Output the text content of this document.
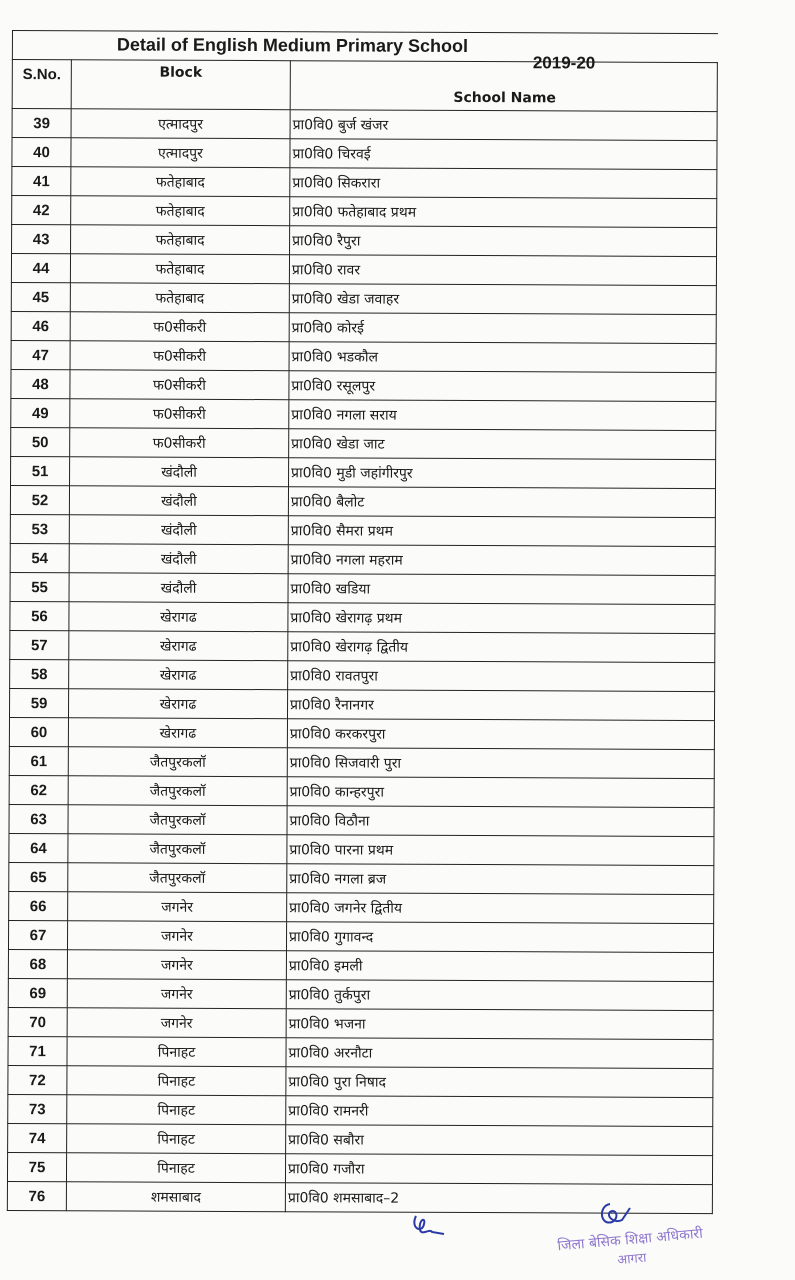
Detail of English Medium Primary School
2019-20
S.No.	Block	School Name
39	एत्मादपुर	प्रा0वि0 बुर्ज खंजर
40	एत्मादपुर	प्रा0वि0 चिरवई
41	फतेहाबाद	प्रा0वि0 सिकरारा
42	फतेहाबाद	प्रा0वि0 फतेहाबाद प्रथम
43	फतेहाबाद	प्रा0वि0 रैपुरा
44	फतेहाबाद	प्रा0वि0 रावर
45	फतेहाबाद	प्रा0वि0 खेडा जवाहर
46	फ0सीकरी	प्रा0वि0 कोरई
47	फ0सीकरी	प्रा0वि0 भडकौल
48	फ0सीकरी	प्रा0वि0 रसूलपुर
49	फ0सीकरी	प्रा0वि0 नगला सराय
50	फ0सीकरी	प्रा0वि0 खेडा जाट
51	खंदौली	प्रा0वि0 मुडी जहांगीरपुर
52	खंदौली	प्रा0वि0 बैलोट
53	खंदौली	प्रा0वि0 सैमरा प्रथम
54	खंदौली	प्रा0वि0 नगला महराम
55	खंदौली	प्रा0वि0 खडिया
56	खेरागढ	प्रा0वि0 खेरागढ़ प्रथम
57	खेरागढ	प्रा0वि0 खेरागढ़ द्वितीय
58	खेरागढ	प्रा0वि0 रावतपुरा
59	खेरागढ	प्रा0वि0 रैनानगर
60	खेरागढ	प्रा0वि0 करकरपुरा
61	जैतपुरकलॉ	प्रा0वि0 सिजवारी पुरा
62	जैतपुरकलॉ	प्रा0वि0 कान्हरपुरा
63	जैतपुरकलॉ	प्रा0वि0 विठौना
64	जैतपुरकलॉ	प्रा0वि0 पारना प्रथम
65	जैतपुरकलॉ	प्रा0वि0 नगला ब्रज
66	जगनेर	प्रा0वि0 जगनेर द्वितीय
67	जगनेर	प्रा0वि0 गुगावन्द
68	जगनेर	प्रा0वि0 इमली
69	जगनेर	प्रा0वि0 तुर्कपुरा
70	जगनेर	प्रा0वि0 भजना
71	पिनाहट	प्रा0वि0 अरनौटा
72	पिनाहट	प्रा0वि0 पुरा निषाद
73	पिनाहट	प्रा0वि0 रामनरी
74	पिनाहट	प्रा0वि0 सबौरा
75	पिनाहट	प्रा0वि0 गजौरा
76	शमसाबाद	प्रा0वि0 शमसाबाद–2
जिला बेसिक शिक्षा अधिकारी
आगरा
